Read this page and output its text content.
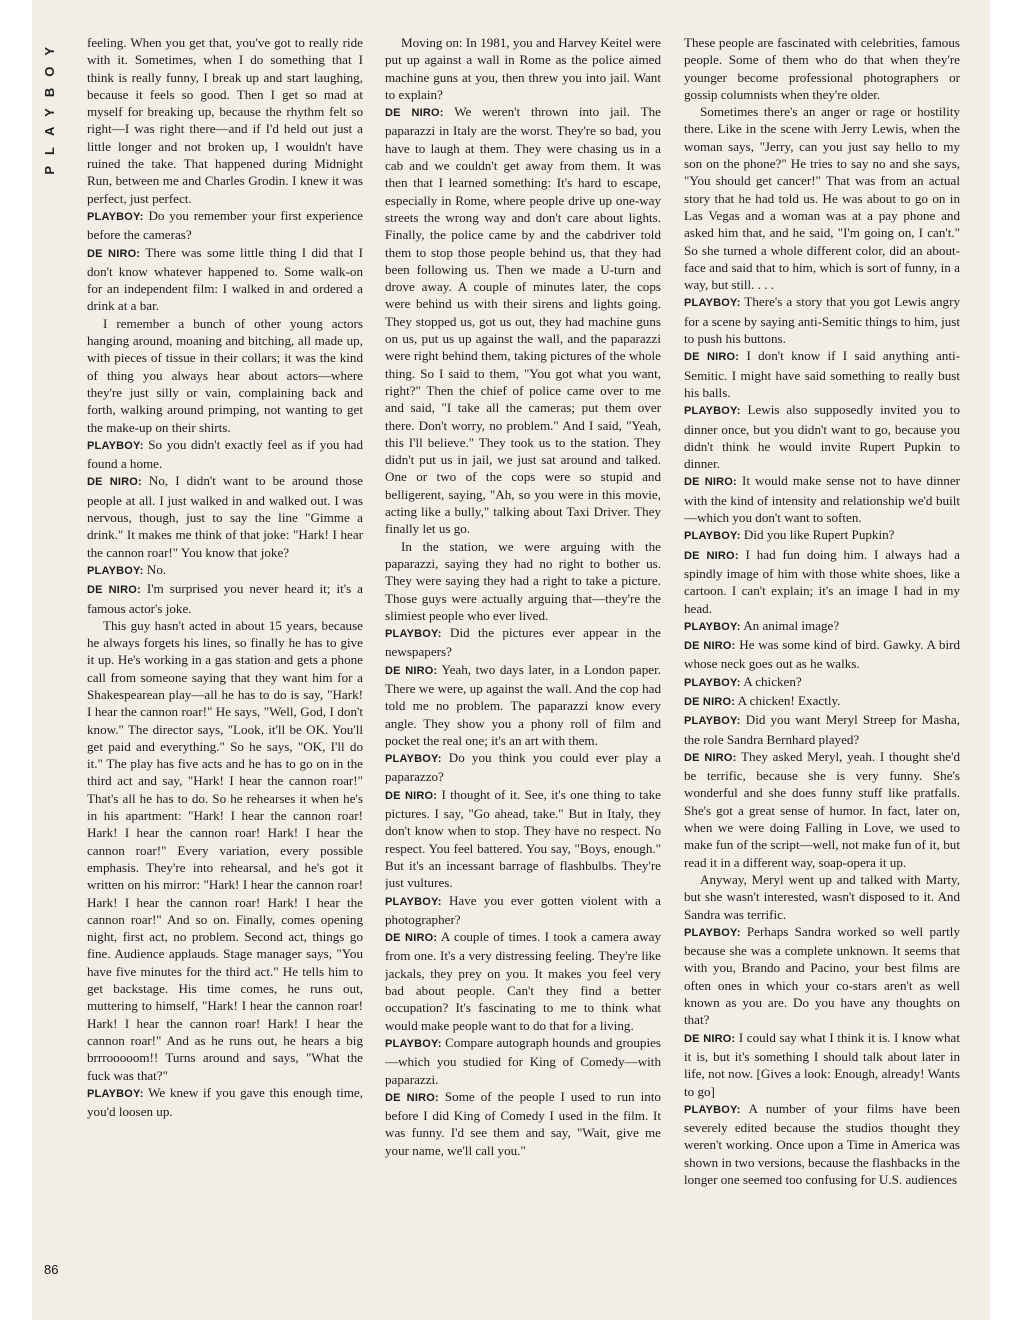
PLAYBOY
86

feeling. When you get that, you've got to really ride with it. Sometimes, when I do something that I think is really funny, I break up and start laughing, because it feels so good. Then I get so mad at myself for breaking up, because the rhythm felt so right—I was right there—and if I'd held out just a little longer and not broken up, I wouldn't have ruined the take. That happened during Midnight Run, between me and Charles Grodin. I knew it was perfect, just perfect.

PLAYBOY: Do you remember your first experience before the cameras?

DE NIRO: There was some little thing I did that I don't know whatever happened to. Some walk-on for an independent film: I walked in and ordered a drink at a bar.

I remember a bunch of other young actors hanging around, moaning and bitching, all made up, with pieces of tissue in their collars; it was the kind of thing you always hear about actors—where they're just silly or vain, complaining back and forth, walking around primping, not wanting to get the make-up on their shirts.

PLAYBOY: So you didn't exactly feel as if you had found a home.

DE NIRO: No, I didn't want to be around those people at all. I just walked in and walked out. I was nervous, though, just to say the line "Gimme a drink." It makes me think of that joke: "Hark! I hear the cannon roar!" You know that joke?

PLAYBOY: No.

DE NIRO: I'm surprised you never heard it; it's a famous actor's joke.

This guy hasn't acted in about 15 years, because he always forgets his lines, so finally he has to give it up. He's working in a gas station and gets a phone call from someone saying that they want him for a Shakespearean play—all he has to do is say, "Hark! I hear the cannon roar!" He says, "Well, God, I don't know." The director says, "Look, it'll be OK. You'll get paid and everything." So he says, "OK, I'll do it." The play has five acts and he has to go on in the third act and say, "Hark! I hear the cannon roar!" That's all he has to do. So he rehearses it when he's in his apartment: "Hark! I hear the cannon roar! Hark! I hear the cannon roar! Hark! I hear the cannon roar!" Every variation, every possible emphasis. They're into rehearsal, and he's got it written on his mirror: "Hark! I hear the cannon roar! Hark! I hear the cannon roar! Hark! I hear the cannon roar!" And so on. Finally, comes opening night, first act, no problem. Second act, things go fine. Audience applauds. Stage manager says, "You have five minutes for the third act." He tells him to get backstage. His time comes, he runs out, muttering to himself, "Hark! I hear the cannon roar! Hark! I hear the cannon roar! Hark! I hear the cannon roar!" And as he runs out, he hears a big brrrooooom!! Turns around and says, "What the fuck was that?"

PLAYBOY: We knew if you gave this enough time, you'd loosen up.

Moving on: In 1981, you and Harvey Keitel were put up against a wall in Rome as the police aimed machine guns at you, then threw you into jail. Want to explain?

DE NIRO: We weren't thrown into jail. The paparazzi in Italy are the worst. They're so bad, you have to laugh at them. They were chasing us in a cab and we couldn't get away from them. It was then that I learned something: It's hard to escape, especially in Rome, where people drive up one-way streets the wrong way and don't care about lights. Finally, the police came by and the cabdriver told them to stop those people behind us, that they had been following us. Then we made a U-turn and drove away. A couple of minutes later, the cops were behind us with their sirens and lights going. They stopped us, got us out, they had machine guns on us, put us up against the wall, and the paparazzi were right behind them, taking pictures of the whole thing. So I said to them, "You got what you want, right?" Then the chief of police came over to me and said, "I take all the cameras; put them over there. Don't worry, no problem." And I said, "Yeah, this I'll believe." They took us to the station. They didn't put us in jail, we just sat around and talked. One or two of the cops were so stupid and belligerent, saying, "Ah, so you were in this movie, acting like a bully," talking about Taxi Driver. They finally let us go.

In the station, we were arguing with the paparazzi, saying they had no right to bother us. They were saying they had a right to take a picture. Those guys were actually arguing that—they're the slimiest people who ever lived.

PLAYBOY: Did the pictures ever appear in the newspapers?

DE NIRO: Yeah, two days later, in a London paper. There we were, up against the wall. And the cop had told me no problem. The paparazzi know every angle. They show you a phony roll of film and pocket the real one; it's an art with them.

PLAYBOY: Do you think you could ever play a paparazzo?

DE NIRO: I thought of it. See, it's one thing to take pictures. I say, "Go ahead, take." But in Italy, they don't know when to stop. They have no respect. No respect. You feel battered. You say, "Boys, enough." But it's an incessant barrage of flashbulbs. They're just vultures.

PLAYBOY: Have you ever gotten violent with a photographer?

DE NIRO: A couple of times. I took a camera away from one. It's a very distressing feeling. They're like jackals, they prey on you. It makes you feel very bad about people. Can't they find a better occupation? It's fascinating to me to think what would make people want to do that for a living.

PLAYBOY: Compare autograph hounds and groupies—which you studied for King of Comedy—with paparazzi.

DE NIRO: Some of the people I used to run into before I did King of Comedy I used in the film. It was funny. I'd see them and say, "Wait, give me your name, we'll call you."

These people are fascinated with celebrities, famous people. Some of them who do that when they're younger become professional photographers or gossip columnists when they're older.

Sometimes there's an anger or rage or hostility there. Like in the scene with Jerry Lewis, when the woman says, "Jerry, can you just say hello to my son on the phone?" He tries to say no and she says, "You should get cancer!" That was from an actual story that he had told us. He was about to go on in Las Vegas and a woman was at a pay phone and asked him that, and he said, "I'm going on, I can't." So she turned a whole different color, did an about-face and said that to him, which is sort of funny, in a way, but still. . . .

PLAYBOY: There's a story that you got Lewis angry for a scene by saying anti-Semitic things to him, just to push his buttons.

DE NIRO: I don't know if I said anything anti-Semitic. I might have said something to really bust his balls.

PLAYBOY: Lewis also supposedly invited you to dinner once, but you didn't want to go, because you didn't think he would invite Rupert Pupkin to dinner.

DE NIRO: It would make sense not to have dinner with the kind of intensity and relationship we'd built—which you don't want to soften.

PLAYBOY: Did you like Rupert Pupkin?

DE NIRO: I had fun doing him. I always had a spindly image of him with those white shoes, like a cartoon. I can't explain; it's an image I had in my head.

PLAYBOY: An animal image?

DE NIRO: He was some kind of bird. Gawky. A bird whose neck goes out as he walks.

PLAYBOY: A chicken?

DE NIRO: A chicken! Exactly.

PLAYBOY: Did you want Meryl Streep for Masha, the role Sandra Bernhard played?

DE NIRO: They asked Meryl, yeah. I thought she'd be terrific, because she is very funny. She's wonderful and she does funny stuff like pratfalls. She's got a great sense of humor. In fact, later on, when we were doing Falling in Love, we used to make fun of the script—well, not make fun of it, but read it in a different way, soap-opera it up.

Anyway, Meryl went up and talked with Marty, but she wasn't interested, wasn't disposed to it. And Sandra was terrific.

PLAYBOY: Perhaps Sandra worked so well partly because she was a complete unknown. It seems that with you, Brando and Pacino, your best films are often ones in which your co-stars aren't as well known as you are. Do you have any thoughts on that?

DE NIRO: I could say what I think it is. I know what it is, but it's something I should talk about later in life, not now. [Gives a look: Enough, already! Wants to go]

PLAYBOY: A number of your films have been severely edited because the studios thought they weren't working. Once upon a Time in America was shown in two versions, because the flashbacks in the longer one seemed too confusing for U.S. audiences
